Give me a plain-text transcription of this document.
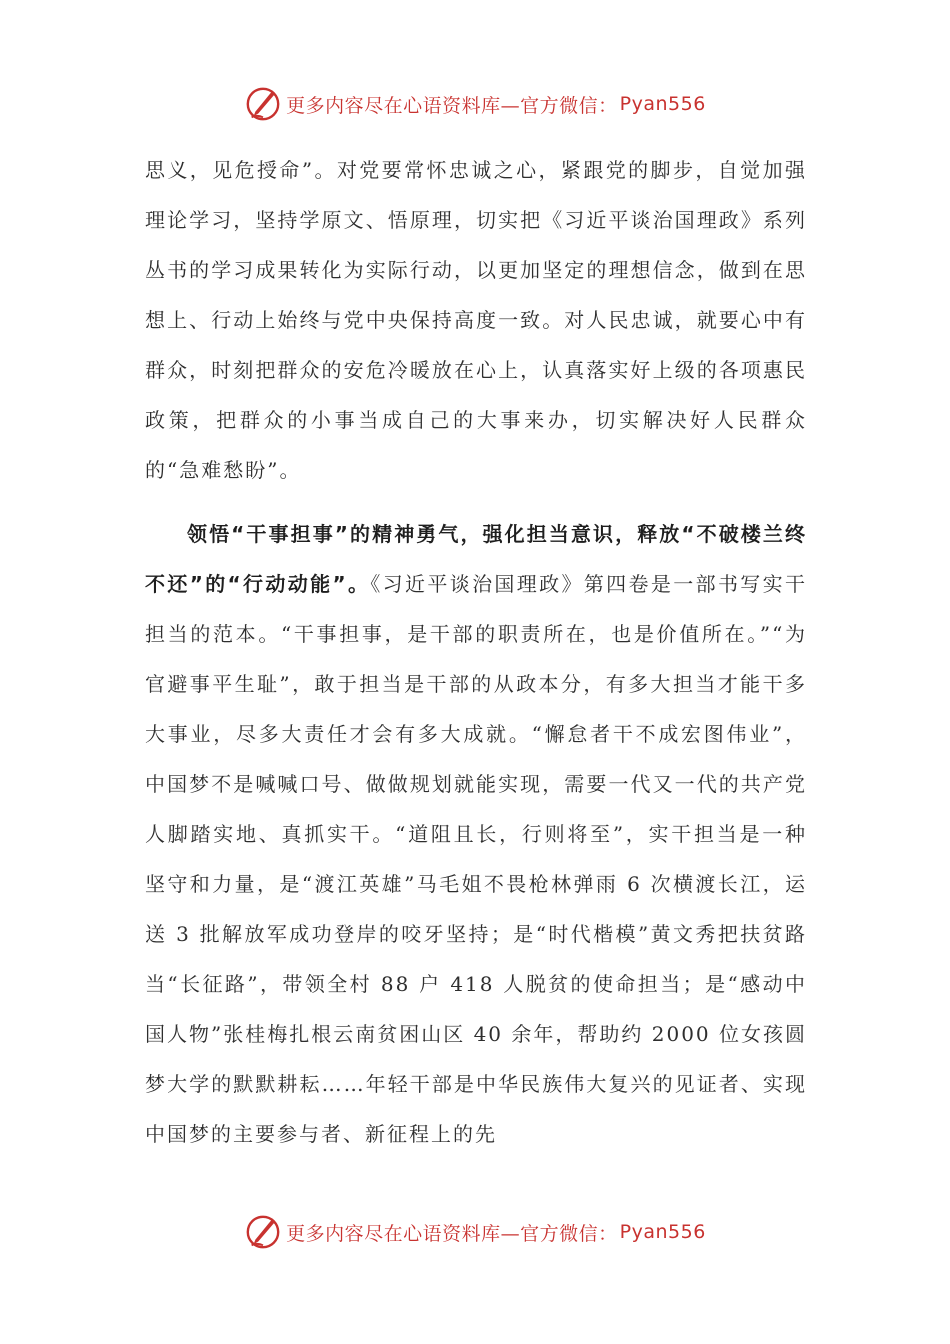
更多内容尽在心语资料库—官方微信： Pyan556

思义，见危授命”。对党要常怀忠诚之心，紧跟党的脚步，自觉加强理论学习，坚持学原文、悟原理，切实把《习近平谈治国理政》系列丛书的学习成果转化为实际行动，以更加坚定的理想信念，做到在思想上、行动上始终与党中央保持高度一致。对人民忠诚，就要心中有群众，时刻把群众的安危冷暖放在心上，认真落实好上级的各项惠民政策，把群众的小事当成自己的大事来办，切实解决好人民群众的“急难愁盼”。

领悟“干事担事”的精神勇气，强化担当意识，释放“不破楼兰终不还”的“行动动能”。《习近平谈治国理政》第四卷是一部书写实干担当的范本。“干事担事，是干部的职责所在，也是价值所在。”“为官避事平生耻”，敢于担当是干部的从政本分，有多大担当才能干多大事业，尽多大责任才会有多大成就。“懈怠者干不成宏图伟业”，中国梦不是喊喊口号、做做规划就能实现，需要一代又一代的共产党人脚踏实地、真抓实干。“道阻且长，行则将至”，实干担当是一种坚守和力量，是“渡江英雄”马毛姐不畏枪林弹雨 6 次横渡长江，运送 3 批解放军成功登岸的咬牙坚持；是“时代楷模”黄文秀把扶贫路当“长征路”，带领全村 88 户 418 人脱贫的使命担当；是“感动中国人物”张桂梅扎根云南贫困山区 40 余年，帮助约 2000 位女孩圆梦大学的默默耕耘……年轻干部是中华民族伟大复兴的见证者、实现中国梦的主要参与者、新征程上的先

更多内容尽在心语资料库—官方微信： Pyan556
